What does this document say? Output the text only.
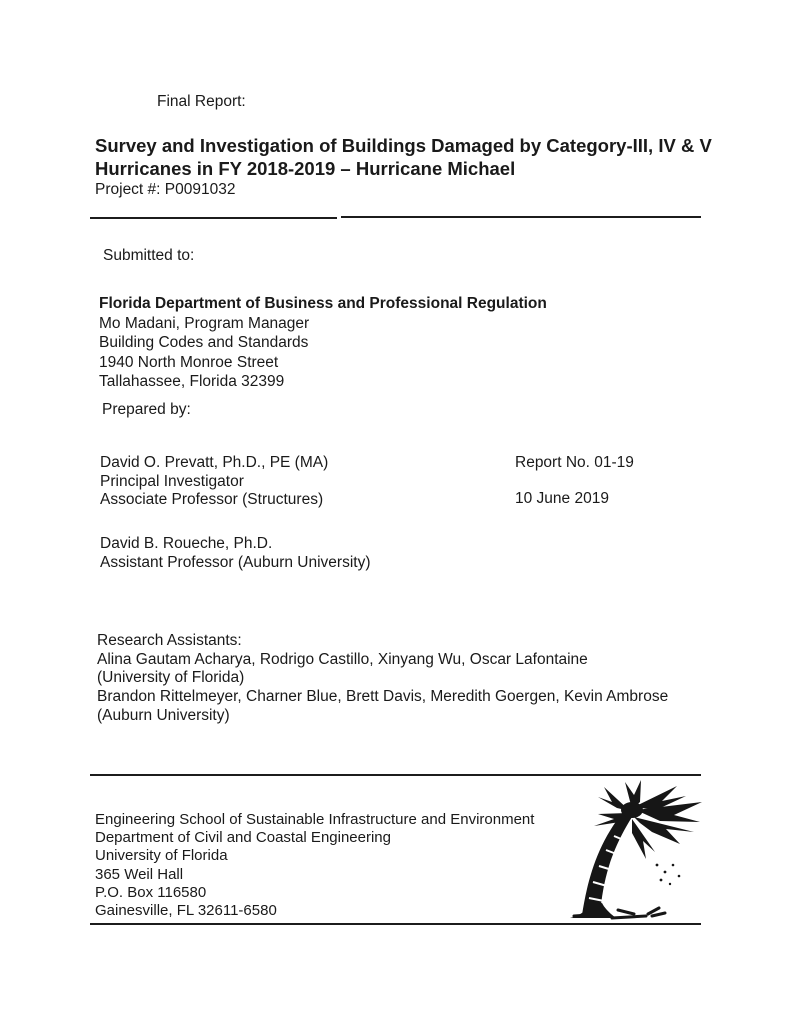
Final Report:
Survey and Investigation of Buildings Damaged by Category-III, IV & V
Hurricanes in FY 2018-2019 – Hurricane Michael
Project #: P0091032
Submitted to:
Florida Department of Business and Professional Regulation
Mo Madani, Program Manager
Building Codes and Standards
1940 North Monroe Street
Tallahassee, Florida 32399
Prepared by:
David O. Prevatt, Ph.D., PE (MA)
Principal Investigator
Associate Professor (Structures)
Report No. 01-19
10 June 2019
David B. Roueche, Ph.D.
Assistant Professor (Auburn University)
Research Assistants:
Alina Gautam Acharya, Rodrigo Castillo, Xinyang Wu, Oscar Lafontaine
(University of Florida)
Brandon Rittelmeyer, Charner Blue, Brett Davis, Meredith Goergen, Kevin Ambrose
(Auburn University)
Engineering School of Sustainable Infrastructure and Environment
Department of Civil and Coastal Engineering
University of Florida
365 Weil Hall
P.O. Box 116580
Gainesville, FL 32611-6580
